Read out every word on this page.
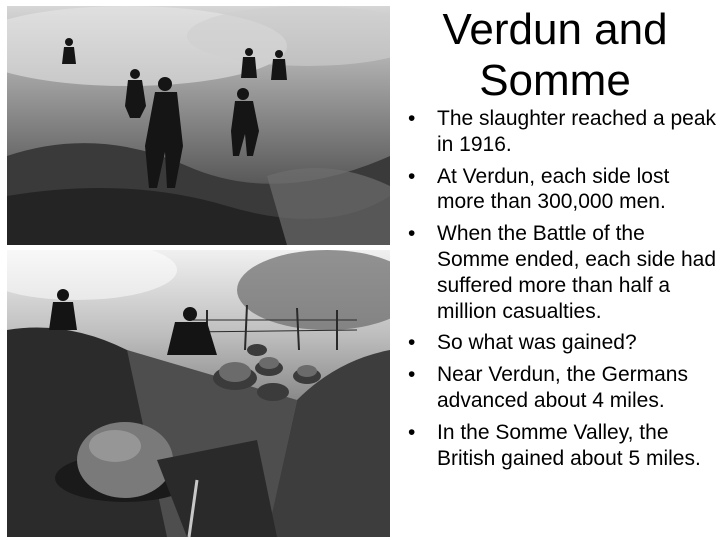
Verdun and
Somme
• The slaughter reached a peak in 1916.
• At Verdun, each side lost more than 300,000 men.
• When the Battle of the Somme ended, each side had suffered more than half a million casualties.
• So what was gained?
• Near Verdun, the Germans advanced about 4 miles.
• In the Somme Valley, the British gained about 5 miles.
